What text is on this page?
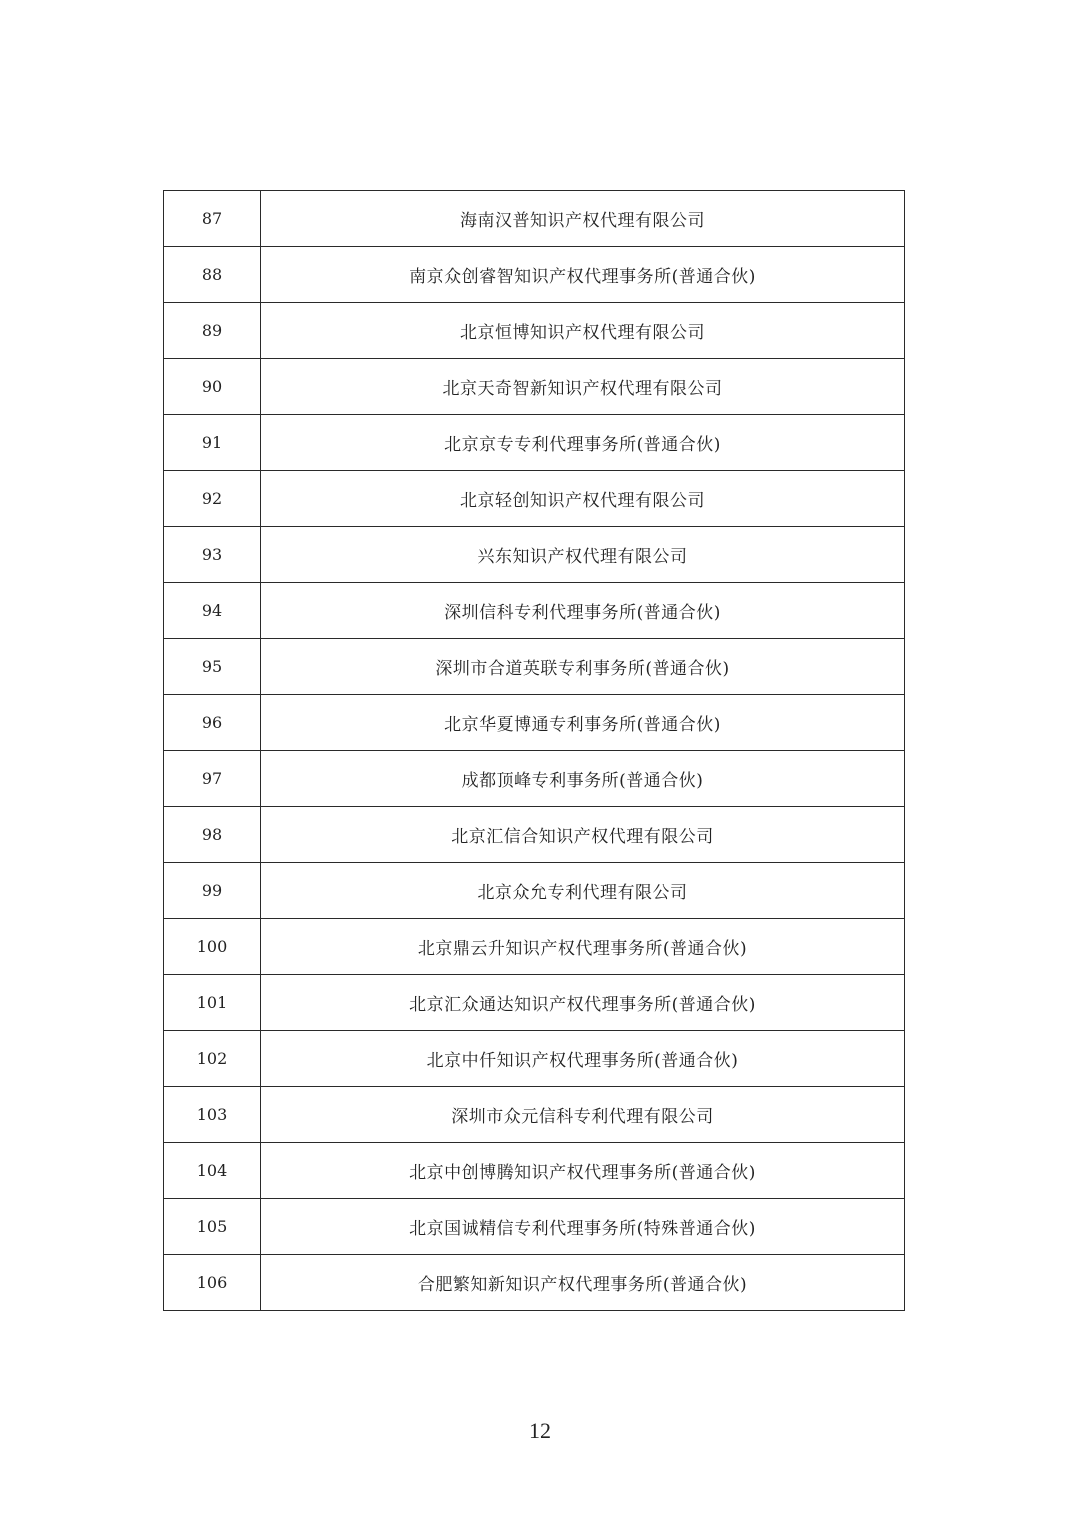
87	海南汉普知识产权代理有限公司
88	南京众创睿智知识产权代理事务所(普通合伙)
89	北京恒博知识产权代理有限公司
90	北京天奇智新知识产权代理有限公司
91	北京京专专利代理事务所(普通合伙)
92	北京轻创知识产权代理有限公司
93	兴东知识产权代理有限公司
94	深圳信科专利代理事务所(普通合伙)
95	深圳市合道英联专利事务所(普通合伙)
96	北京华夏博通专利事务所(普通合伙)
97	成都顶峰专利事务所(普通合伙)
98	北京汇信合知识产权代理有限公司
99	北京众允专利代理有限公司
100	北京鼎云升知识产权代理事务所(普通合伙)
101	北京汇众通达知识产权代理事务所(普通合伙)
102	北京中仟知识产权代理事务所(普通合伙)
103	深圳市众元信科专利代理有限公司
104	北京中创博腾知识产权代理事务所(普通合伙)
105	北京国诚精信专利代理事务所(特殊普通合伙)
106	合肥繁知新知识产权代理事务所(普通合伙)
12
